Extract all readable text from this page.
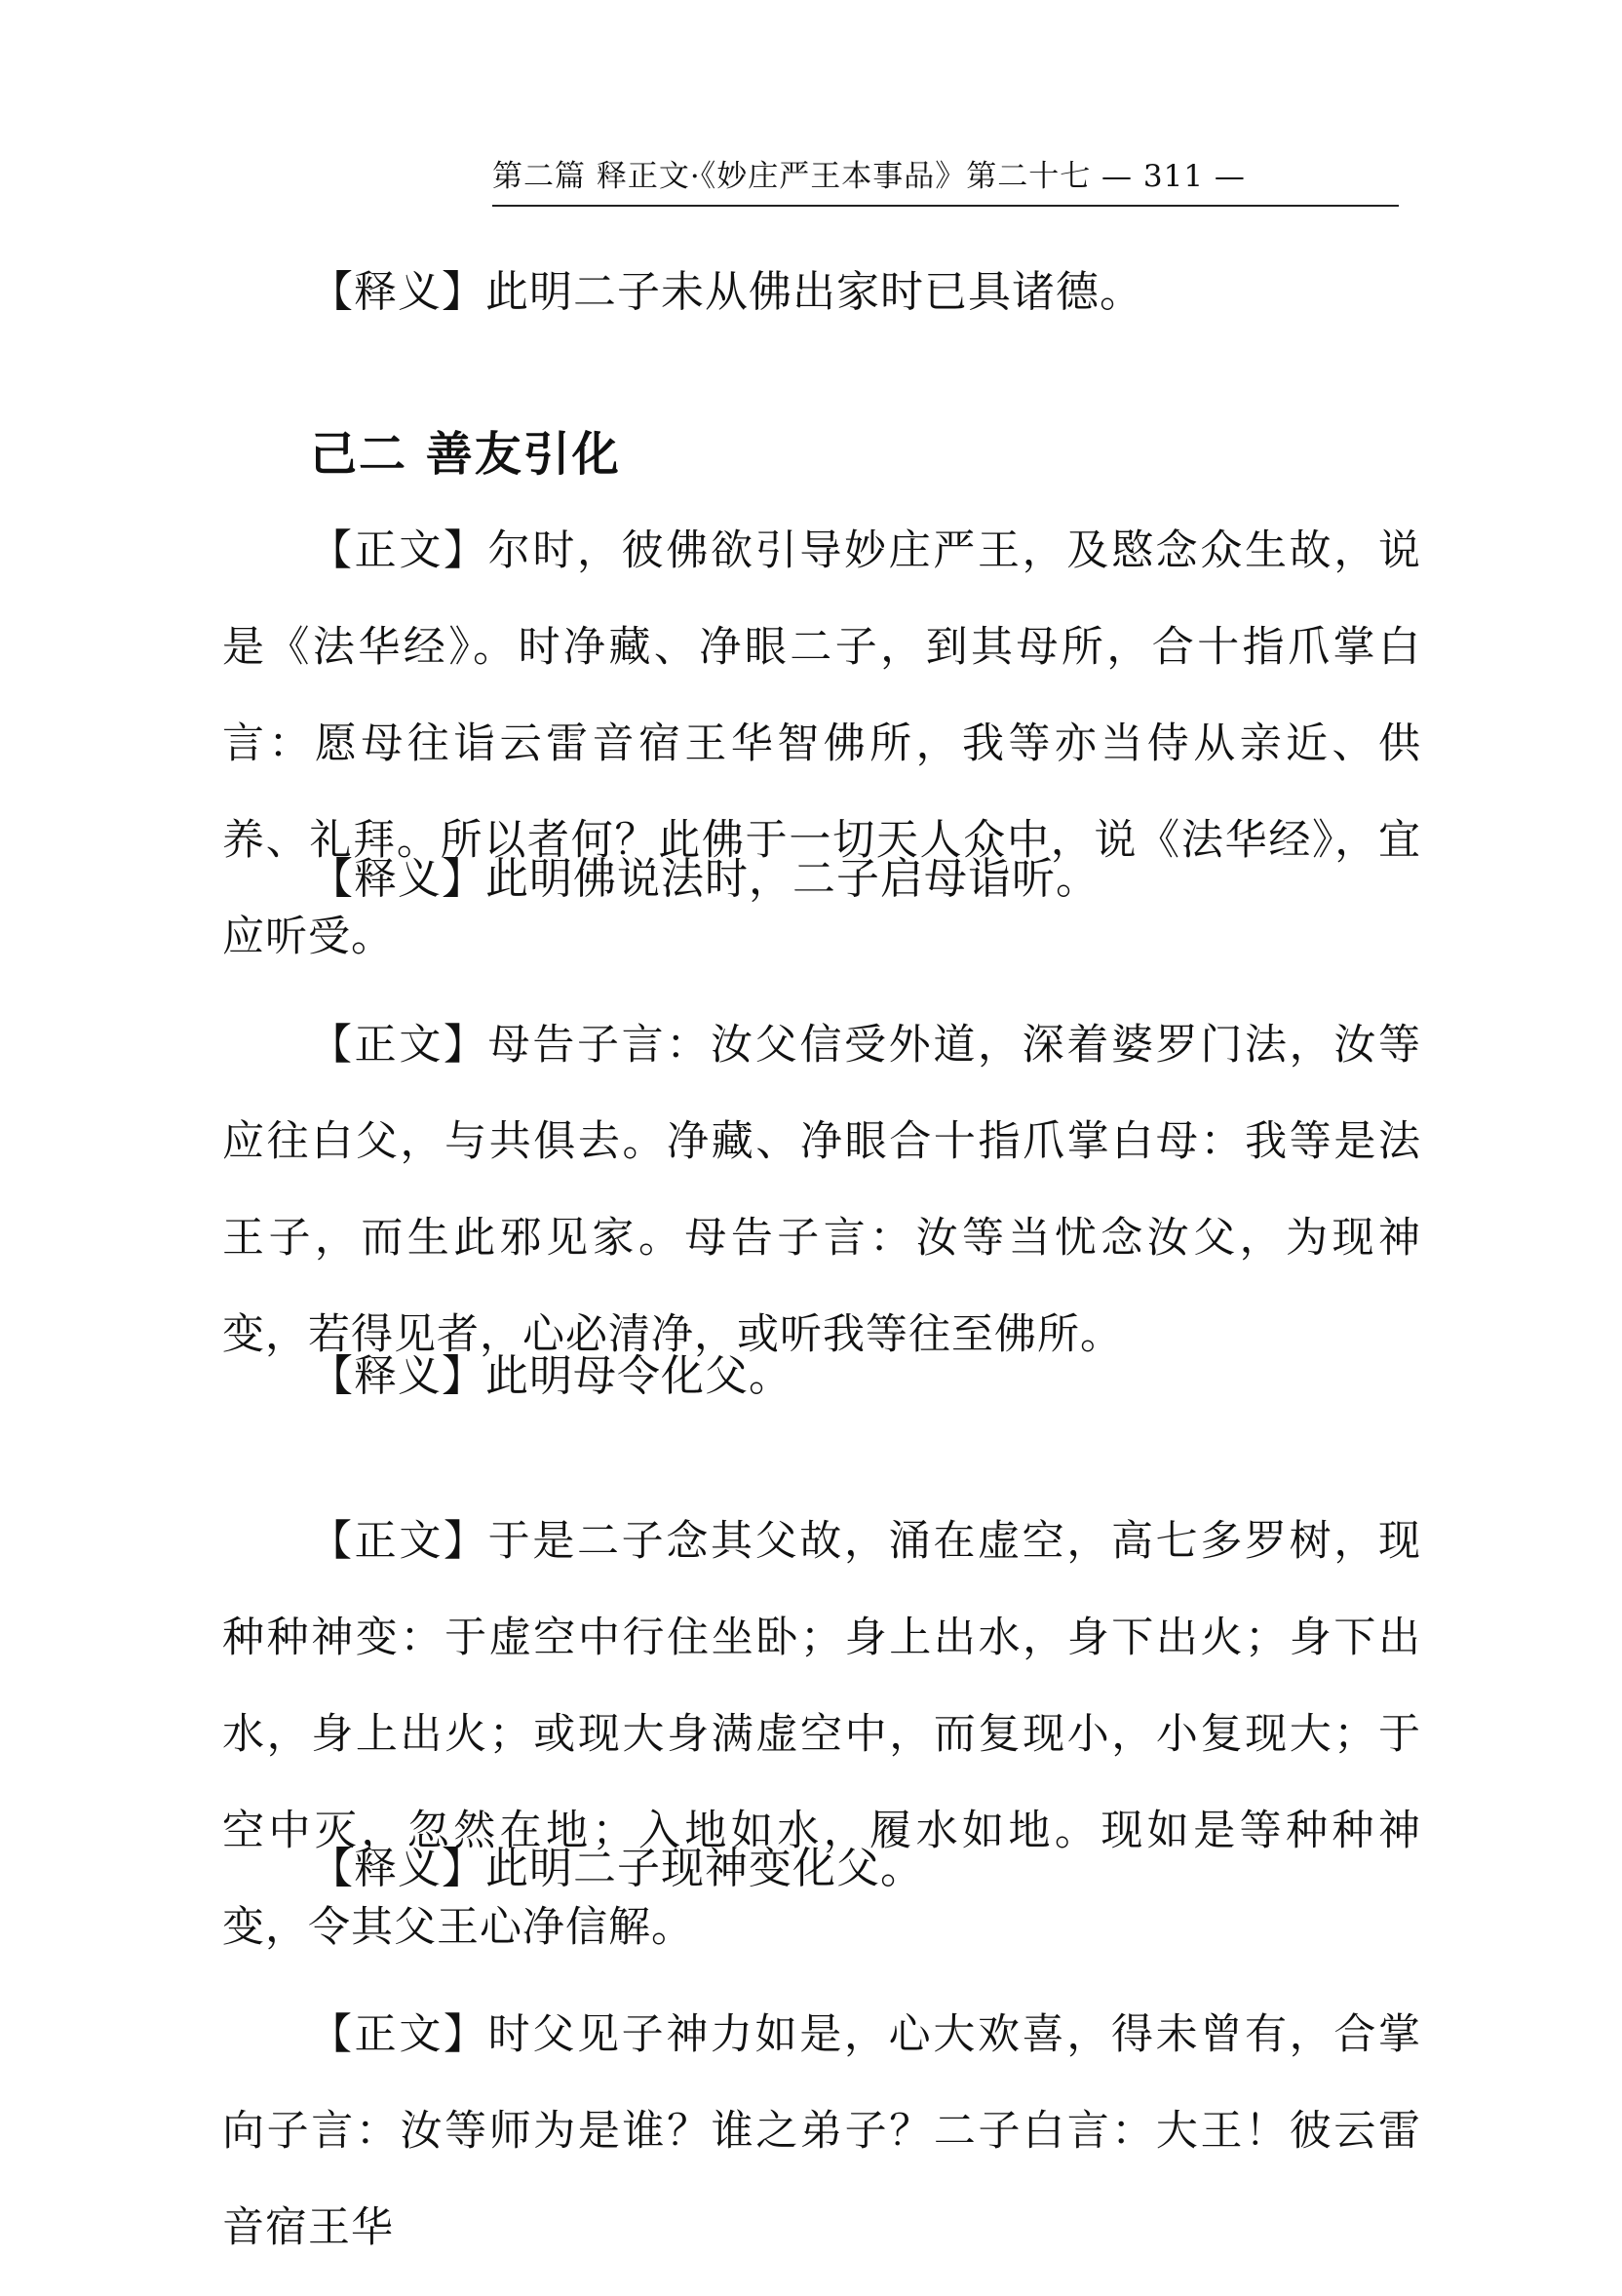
第二篇 释正文·《妙庄严王本事品》第二十七 — 311 —

【释义】此明二子未从佛出家时已具诸德。

己二 善友引化

【正文】尔时，彼佛欲引导妙庄严王，及愍念众生故，说是《法华经》。时净藏、净眼二子，到其母所，合十指爪掌白言：愿母往诣云雷音宿王华智佛所，我等亦当侍从亲近、供养、礼拜。所以者何？此佛于一切天人众中，说《法华经》，宜应听受。

【释义】此明佛说法时，二子启母诣听。

【正文】母告子言：汝父信受外道，深着婆罗门法，汝等应往白父，与共俱去。净藏、净眼合十指爪掌白母：我等是法王子，而生此邪见家。母告子言：汝等当忧念汝父，为现神变，若得见者，心必清净，或听我等往至佛所。

【释义】此明母令化父。

【正文】于是二子念其父故，涌在虚空，高七多罗树，现种种神变：于虚空中行住坐卧；身上出水，身下出火；身下出水，身上出火；或现大身满虚空中，而复现小，小复现大；于空中灭，忽然在地；入地如水，履水如地。现如是等种种神变，令其父王心净信解。

【释义】此明二子现神变化父。

【正文】时父见子神力如是，心大欢喜，得未曾有，合掌向子言：汝等师为是谁？谁之弟子？二子白言：大王！彼云雷音宿王华
